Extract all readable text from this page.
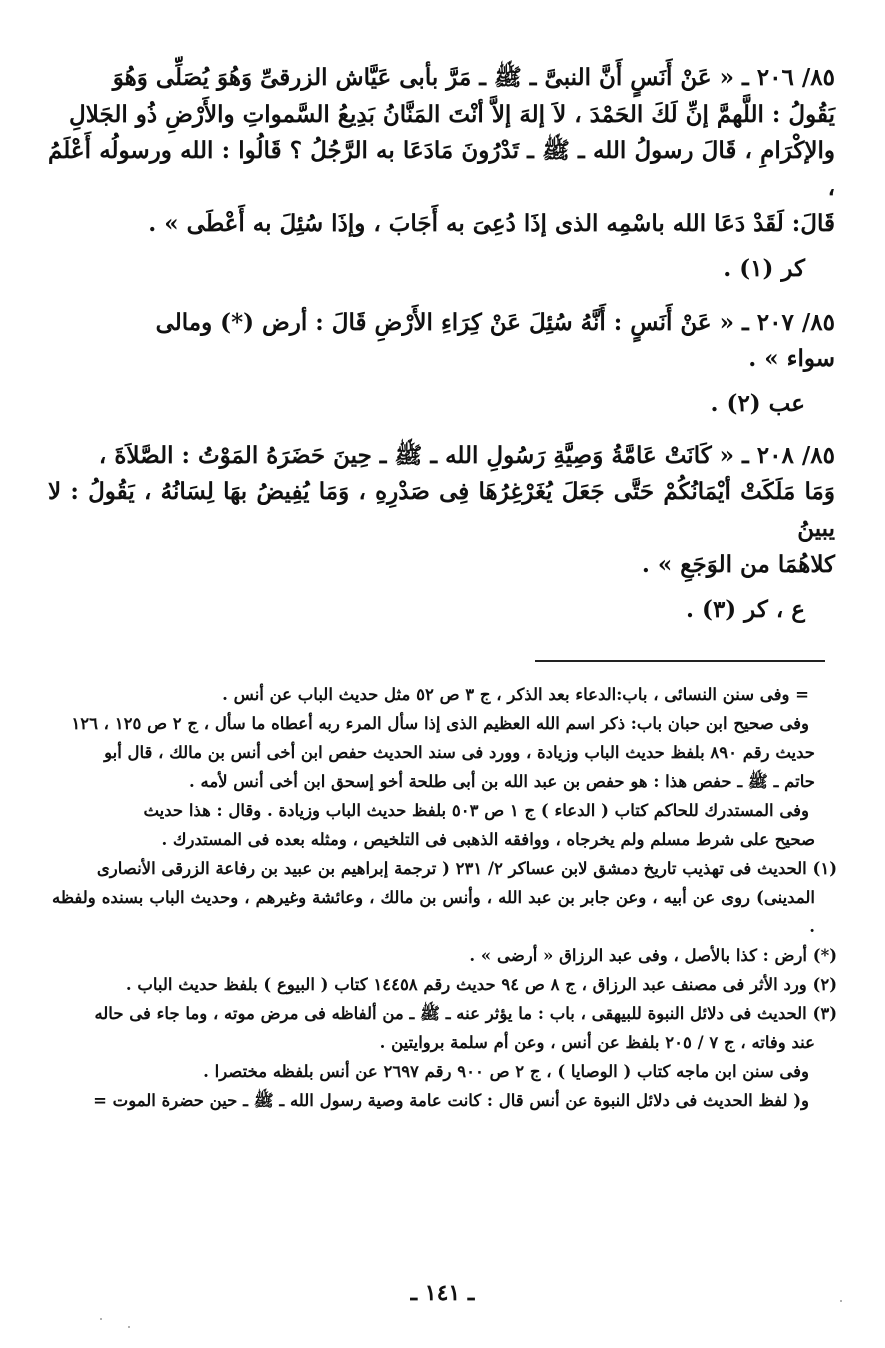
٨٥/ ٢٠٦ ـ « عَنْ أَنَسٍ أَنَّ النبىَّ ـ ﷺ ـ مَرَّ بأبى عَيَّاش الزرقىِّ وَهُوَ يُصَلِّى وَهُوَ

يَقُولُ : اللَّهمَّ إنِّ لَكَ الحَمْدَ ، لاَ إلهَ إلاَّ أنْتَ المَنَّانُ بَدِيعُ السَّمواتِ والأَرْضِ ذُو الجَلالِ

والإكْرَامِ ، قَالَ رسولُ الله ـ ﷺ ـ تَدْرُونَ مَادَعَا به الرَّجُلُ ؟ قَالُوا : الله ورسولُه أَعْلَمُ ،

قَالَ: لَقَدْ دَعَا الله باسْمِه الذى إذَا دُعِىَ به أَجَابَ ، وإذَا سُئِلَ به أَعْطَى » .

كر (١) .

٨٥/ ٢٠٧ ـ « عَنْ أَنَسٍ : أَنَّهُ سُئِلَ عَنْ كِرَاءِ الأَرْضِ قَالَ : أرض (*) ومالى

سواء » .

عب (٢) .

٨٥/ ٢٠٨ ـ « كَانَتْ عَامَّةُ وَصِيَّةِ رَسُولِ الله ـ ﷺ ـ حِينَ حَضَرَهُ المَوْتُ : الصَّلاَةَ ،

وَمَا مَلَكَتْ أيْمَانُكُمْ حَتَّى جَعَلَ يُغَرْغِرُهَا فِى صَدْرِهِ ، وَمَا يُفِيضُ بهَا لِسَانُهُ ، يَقُولُ : لا يبينُ

كلاهُمَا من الوَجَعِ » .

ع ، كر (٣) .

= وفى سنن النسائى ، باب:الدعاء بعد الذكر ، ج ٣ ص ٥٢ مثل حديث الباب عن أنس .

وفى صحيح ابن حبان باب: ذكر اسم الله العظيم الذى إذا سأل المرء ربه أعطاه ما سأل ، ج ٢ ص ١٢٥ ، ١٢٦

حديث رقم ٨٩٠ بلفظ حديث الباب وزيادة ، وورد فى سند الحديث حفص ابن أخى أنس بن مالك ، قال أبو

حاتم ـ ﷺ ـ حفص هذا : هو حفص بن عبد الله بن أبى طلحة أخو إسحق ابن أخى أنس لأمه .

وفى المستدرك للحاكم كتاب ( الدعاء ) ج ١ ص ٥٠٣ بلفظ حديث الباب وزيادة . وقال : هذا حديث

صحيح على شرط مسلم ولم يخرجاه ، ووافقه الذهبى فى التلخيص ، ومثله بعده فى المستدرك .

(١) الحديث فى تهذيب تاريخ دمشق لابن عساكر ٢/ ٢٣١ ( ترجمة إبراهيم بن عبيد بن رفاعة الزرقى الأنصارى

المدينى) روى عن أبيه ، وعن جابر بن عبد الله ، وأنس بن مالك ، وعائشة وغيرهم ، وحديث الباب بسنده ولفظه .

(*) أرض : كذا بالأصل ، وفى عبد الرزاق « أرضى » .

(٢) ورد الأثر فى مصنف عبد الرزاق ، ج ٨ ص ٩٤ حديث رقم ١٤٤٥٨ كتاب ( البيوع ) بلفظ حديث الباب .

(٣) الحديث فى دلائل النبوة للبيهقى ، باب : ما يؤثر عنه ـ ﷺ ـ من ألفاظه فى مرض موته ، وما جاء فى حاله

عند وفاته ، ج ٧ / ٢٠٥ بلفظ عن أنس ، وعن أم سلمة بروايتين .

وفى سنن ابن ماجه كتاب ( الوصايا ) ، ج ٢ ص ٩٠٠ رقم ٢٦٩٧ عن أنس بلفظه مختصرا .

و( لفظ الحديث فى دلائل النبوة عن أنس قال : كانت عامة وصية رسول الله ـ ﷺ ـ حين حضرة الموت =

ـ ١٤١ ـ
